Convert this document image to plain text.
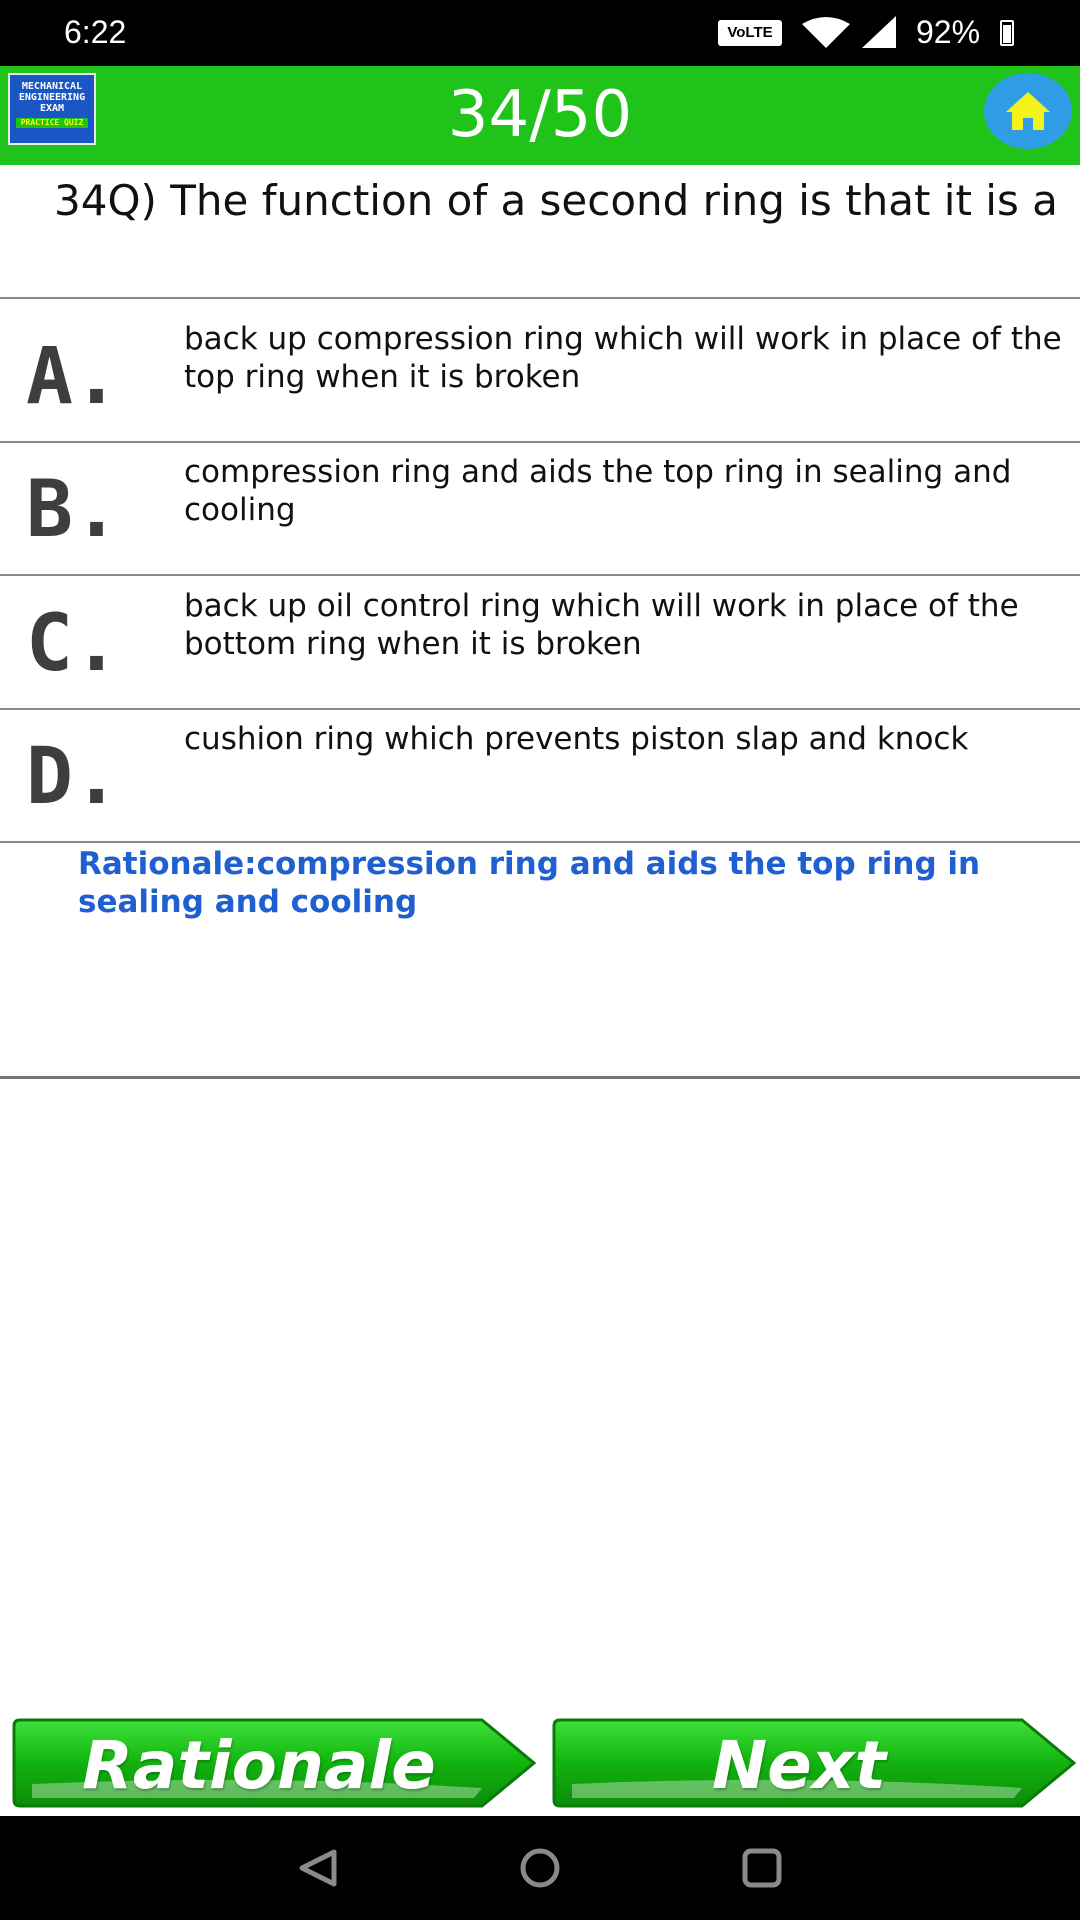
6:22	VoLTE	92%
MECHANICAL
ENGINEERING
EXAM
PRACTICE QUIZ	34/50
34Q) The function of a second ring is that it is a
A. back up compression ring which will work in place of the top ring when it is broken
B. compression ring and aids the top ring in sealing and cooling
C. back up oil control ring which will work in place of the bottom ring when it is broken
D. cushion ring which prevents piston slap and knock
Rationale:compression ring and aids the top ring in sealing and cooling
Rationale	Next
